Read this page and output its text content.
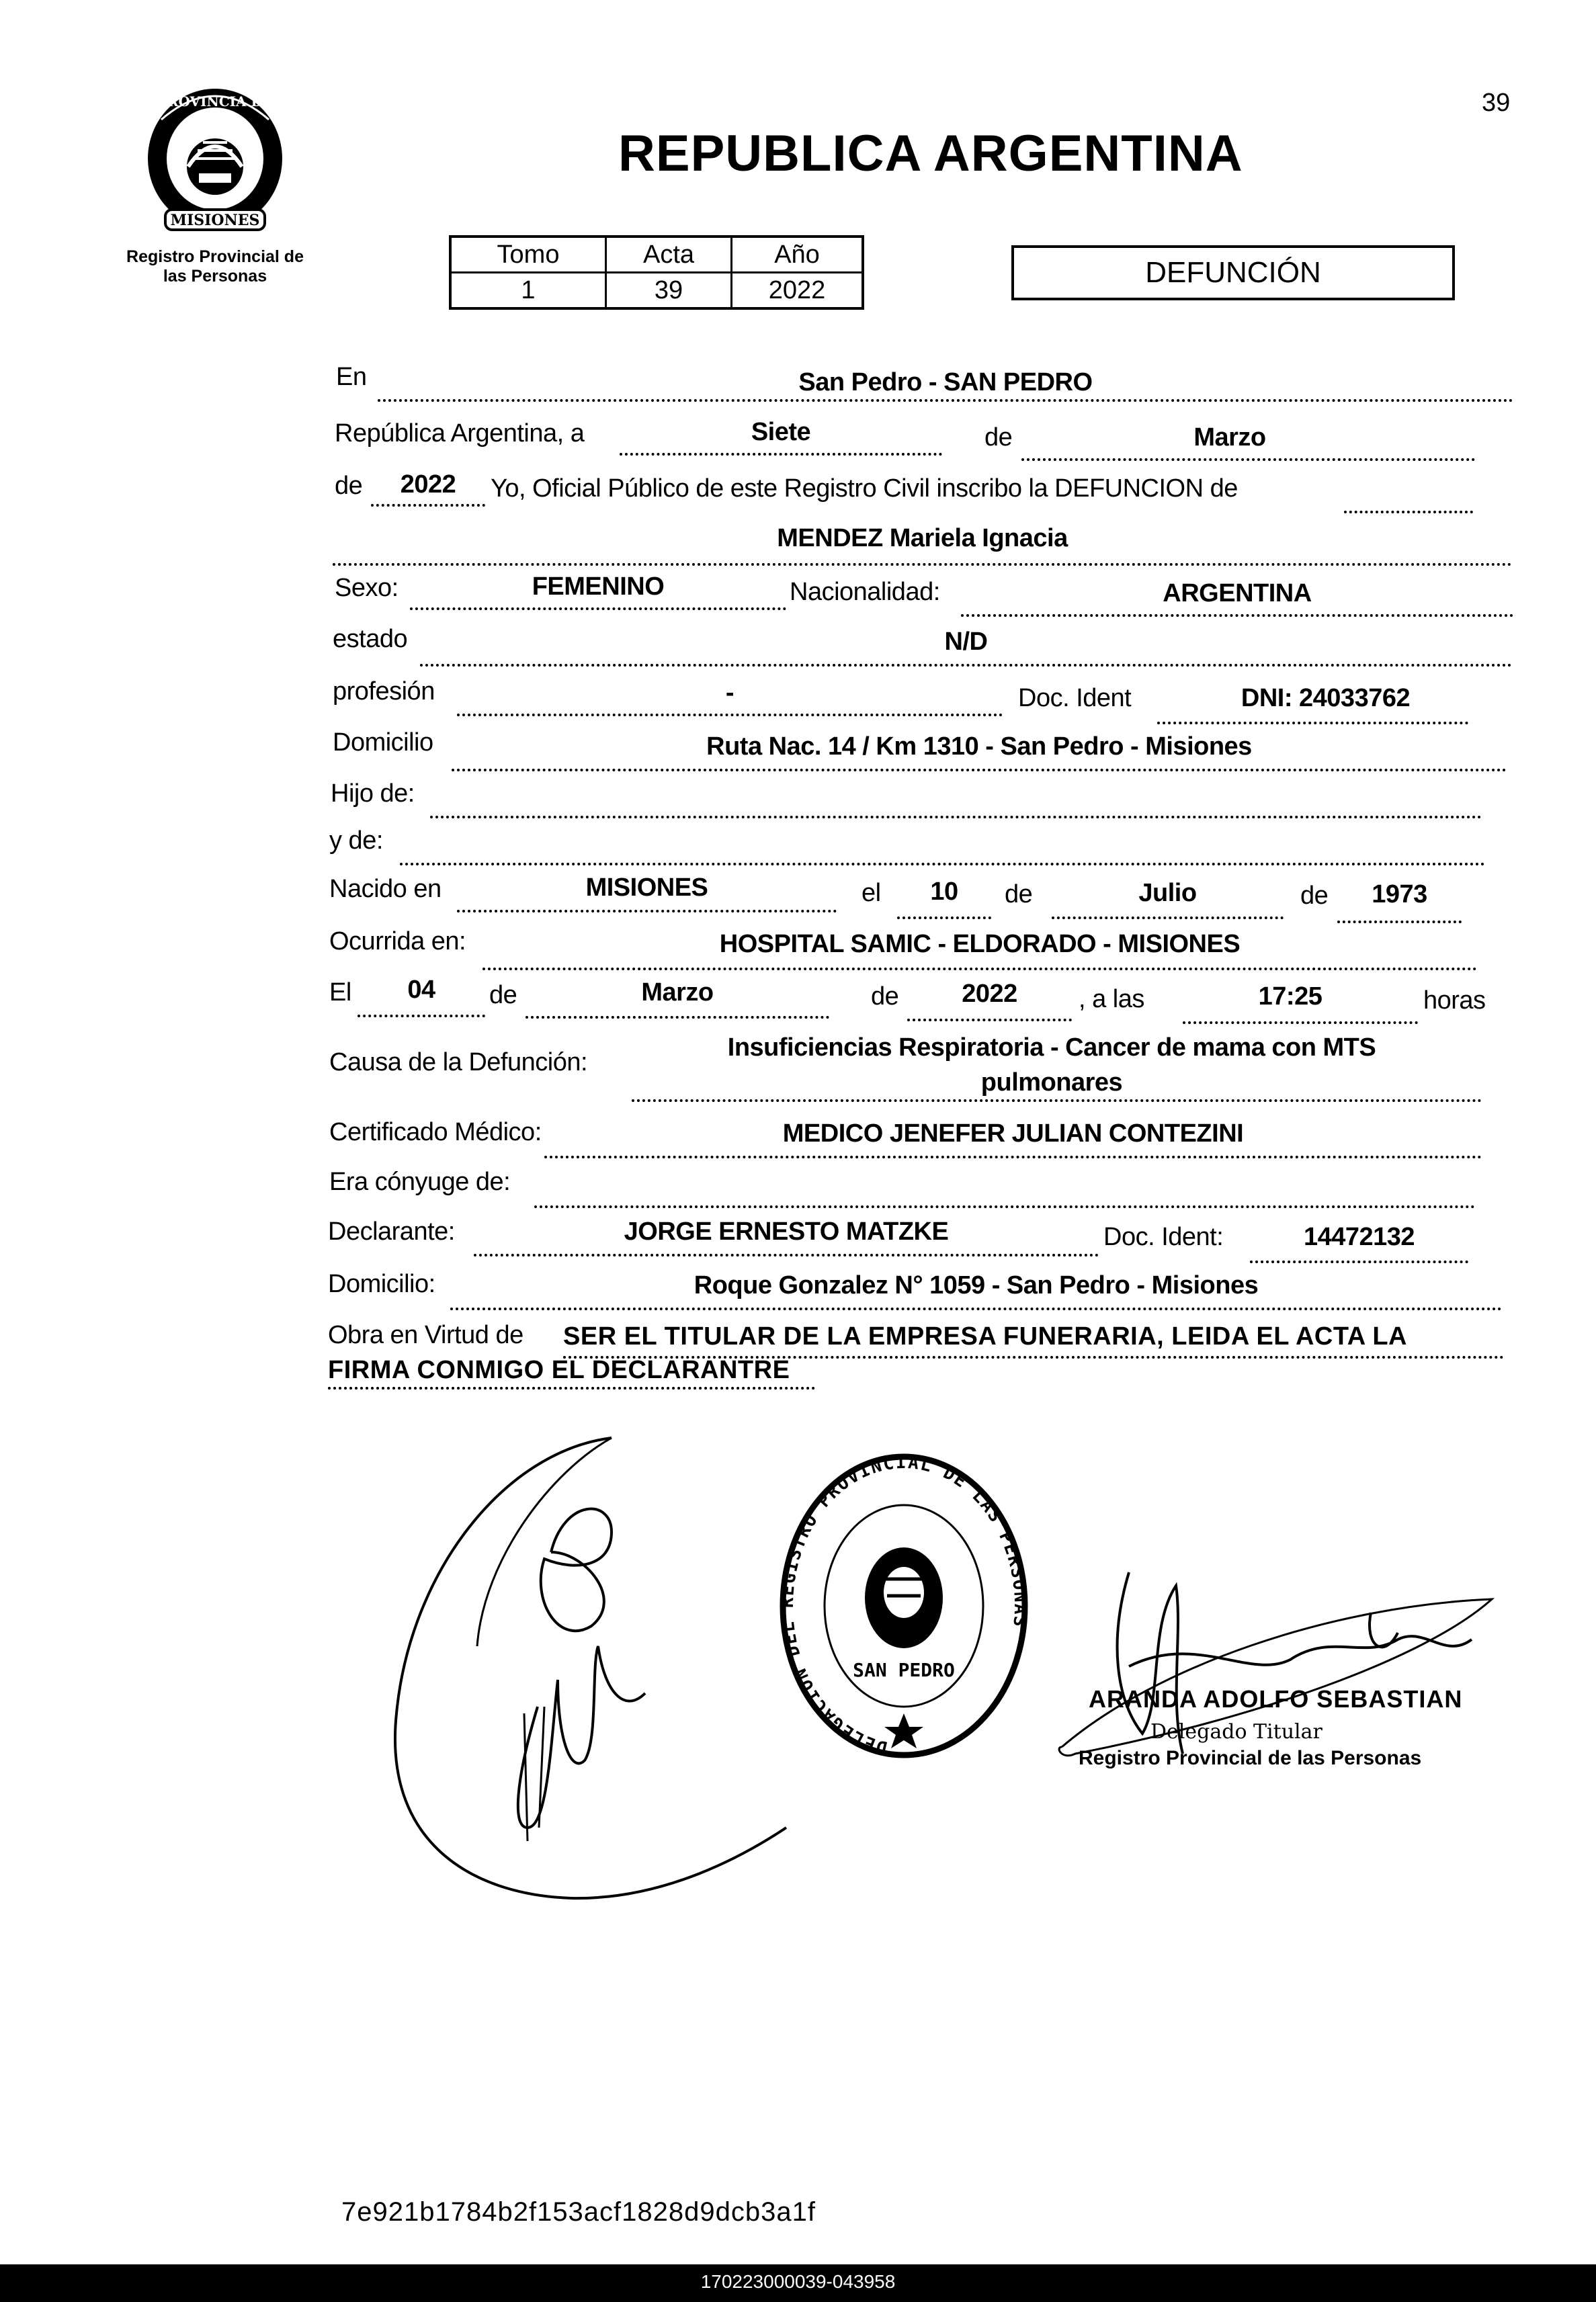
39
PROVINCIA DE
MISIONES
Registro Provincial de
las Personas
REPUBLICA ARGENTINA
Tomo	Acta	Año
1	39	2022
DEFUNCIÓN
En	San Pedro - SAN PEDRO
República Argentina, a	Siete	de	Marzo
de	2022	Yo, Oficial Público de este Registro Civil inscribo la DEFUNCION de
MENDEZ Mariela Ignacia
Sexo:	FEMENINO	Nacionalidad:	ARGENTINA
estado	N/D
profesión	-	Doc. Ident	DNI: 24033762
Domicilio	Ruta Nac. 14 / Km 1310 - San Pedro - Misiones
Hijo de:
y de:
Nacido en	MISIONES	el	10	de	Julio	de	1973
Ocurrida en:	HOSPITAL SAMIC - ELDORADO - MISIONES
El	04	de	Marzo	de	2022	, a las	17:25	horas
Causa de la Defunción:
Insuficiencias Respiratoria - Cancer de mama con MTS
pulmonares
Certificado Médico:	MEDICO JENEFER JULIAN CONTEZINI
Era cónyuge de:
Declarante:	JORGE ERNESTO MATZKE	Doc. Ident:	14472132
Domicilio:	Roque Gonzalez N° 1059 - San Pedro - Misiones
Obra en Virtud de SER EL TITULAR DE LA EMPRESA FUNERARIA, LEIDA EL ACTA LA
FIRMA CONMIGO EL DECLARANTRE
DELEGACION DEL REGISTRO PROVINCIAL DE LAS PERSONAS
SAN PEDRO
ARANDA ADOLFO SEBASTIAN
Delegado Titular
Registro Provincial de las Personas
7e921b1784b2f153acf1828d9dcb3a1f
170223000039-043958
